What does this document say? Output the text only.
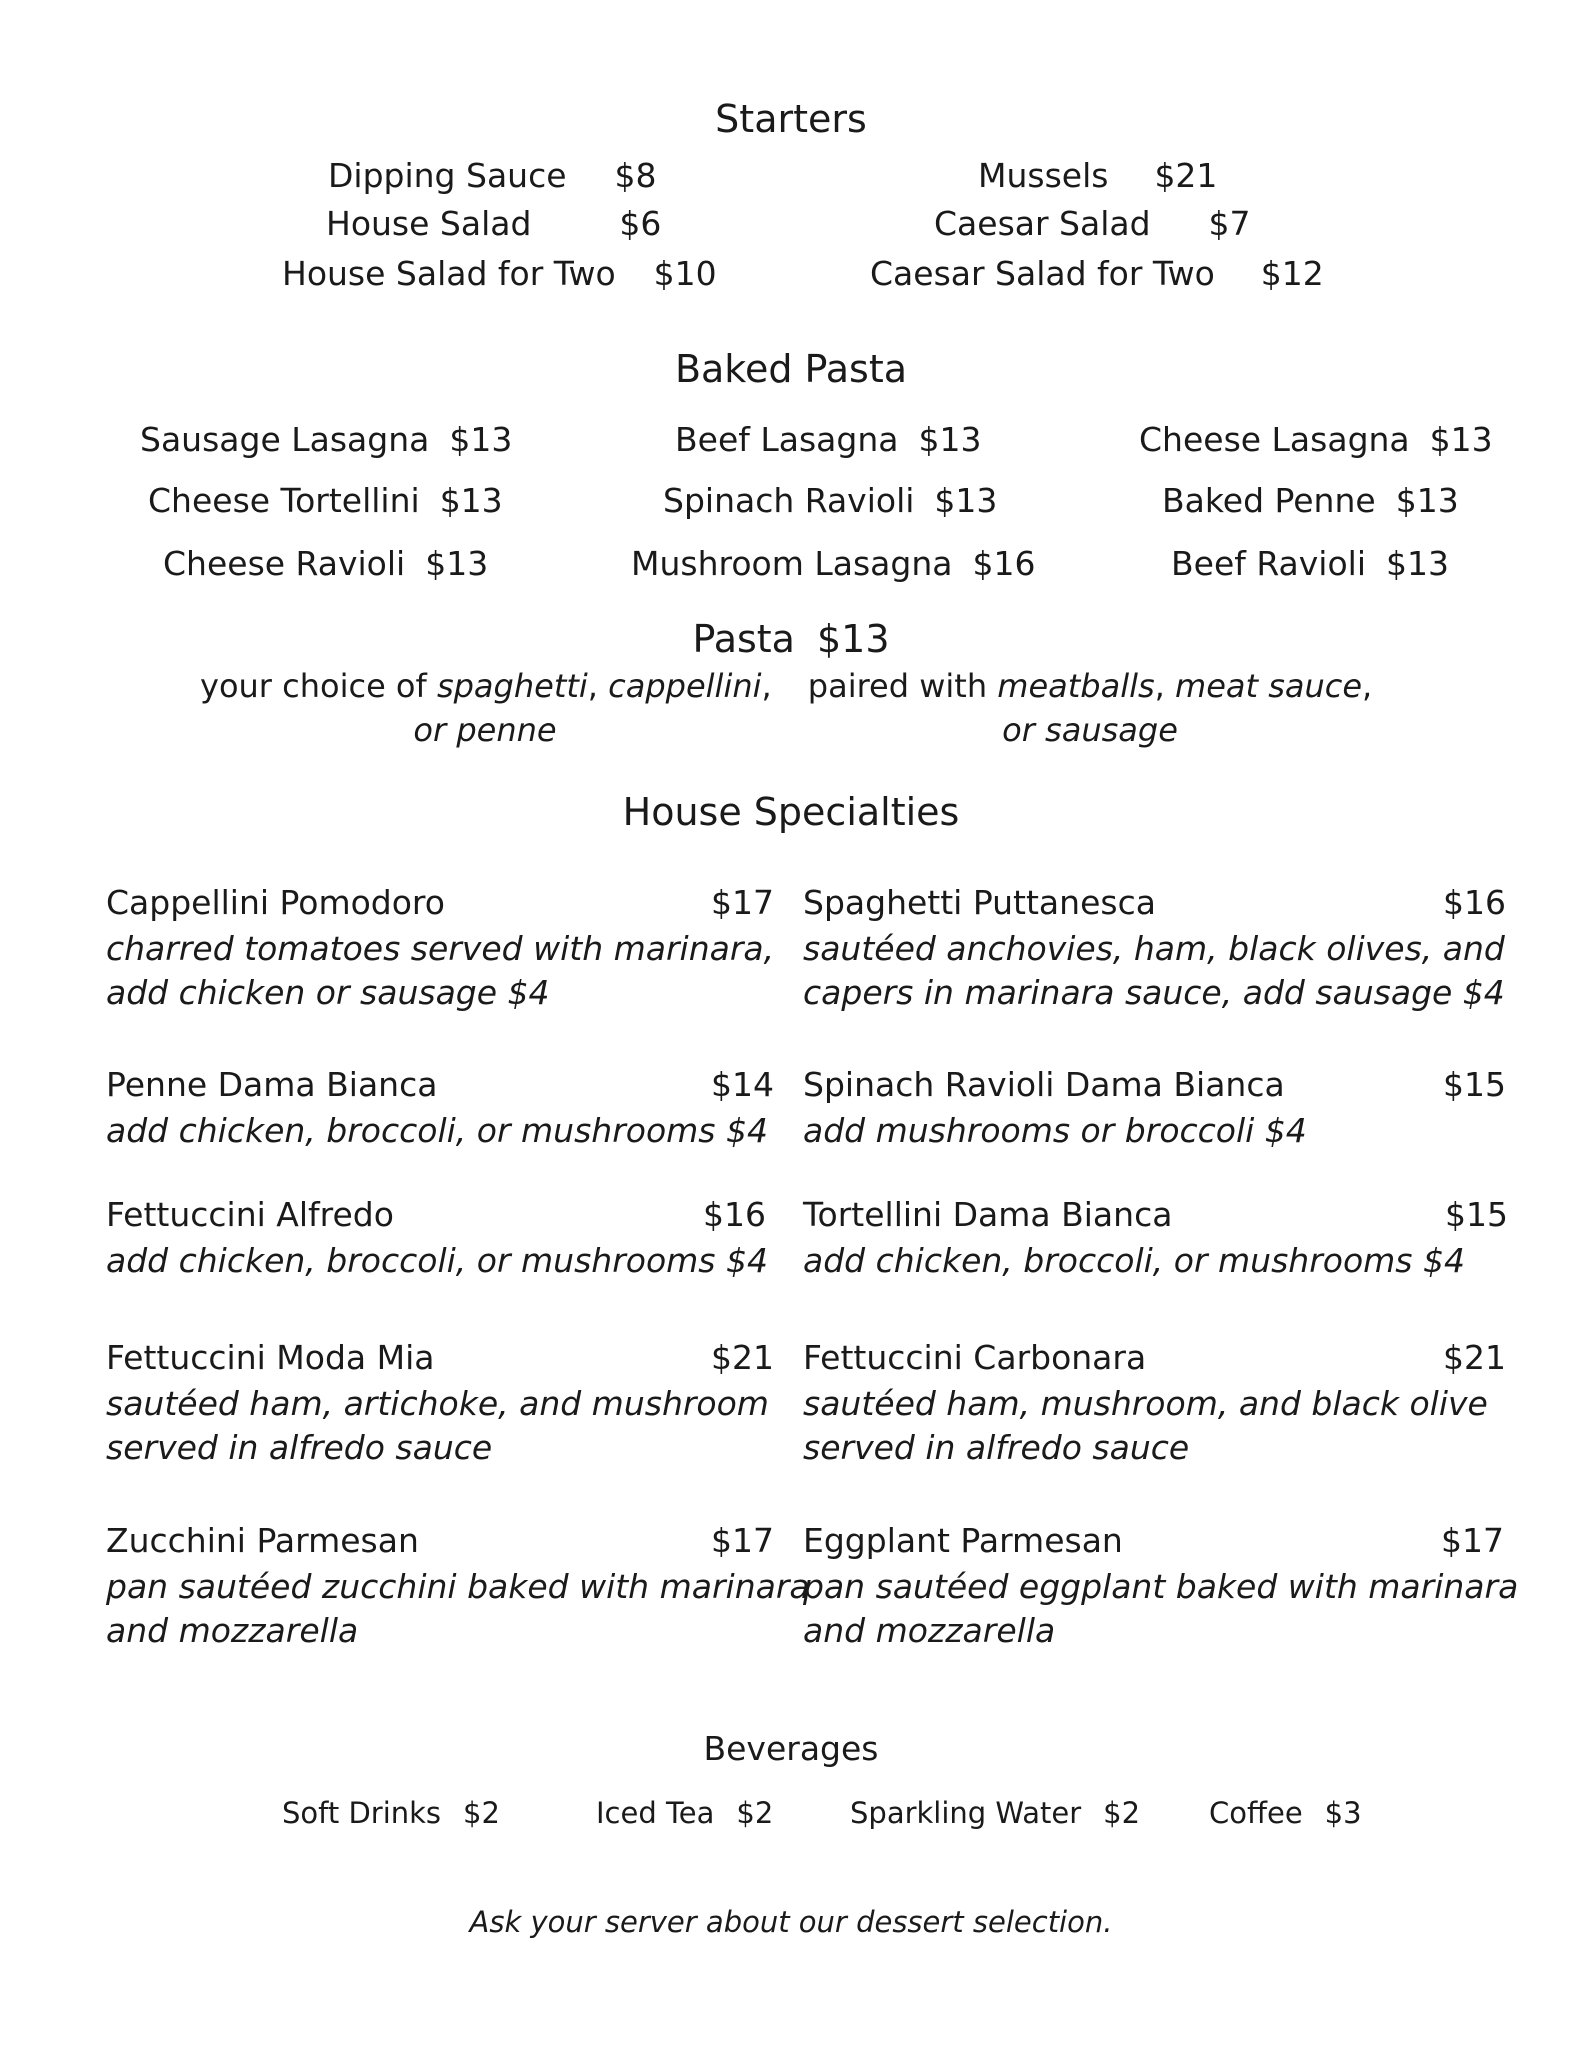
Starters
Dipping Sauce $8
House Salad	$6
House Salad for Two $10
Mussels $21
Caesar Salad $7
Caesar Salad for Two $12
Baked Pasta
Sausage Lasagna $13	Beef Lasagna $13	Cheese Lasagna $13
Cheese Tortellini $13	Spinach Ravioli $13	Baked Penne $13
Cheese Ravioli $13	Mushroom Lasagna $16	Beef Ravioli $13
Pasta $13
your choice of spaghetti, cappellini,
or penne
paired with meatballs, meat sauce,
or sausage
House Specialties
Cappellini Pomodoro	$17
charred tomatoes served with marinara,
add chicken or sausage $4
Penne Dama Bianca	$14
add chicken, broccoli, or mushrooms $4
Fettuccini Alfredo	$16
add chicken, broccoli, or mushrooms $4
Fettuccini Moda Mia	$21
sautéed ham, artichoke, and mushroom
served in alfredo sauce
Zucchini Parmesan	$17
pan sautéed zucchini baked with marinara
and mozzarella
Spaghetti Puttanesca	$16
sautéed anchovies, ham, black olives, and
capers in marinara sauce, add sausage $4
Spinach Ravioli Dama Bianca	$15
add mushrooms or broccoli $4
Tortellini Dama Bianca	$15
add chicken, broccoli, or mushrooms $4
Fettuccini Carbonara	$21
sautéed ham, mushroom, and black olive
served in alfredo sauce
Eggplant Parmesan	$17
pan sautéed eggplant baked with marinara
and mozzarella
Beverages
Soft Drinks $2	Iced Tea $2	Sparkling Water $2 Coffee $3
Ask your server about our dessert selection.
